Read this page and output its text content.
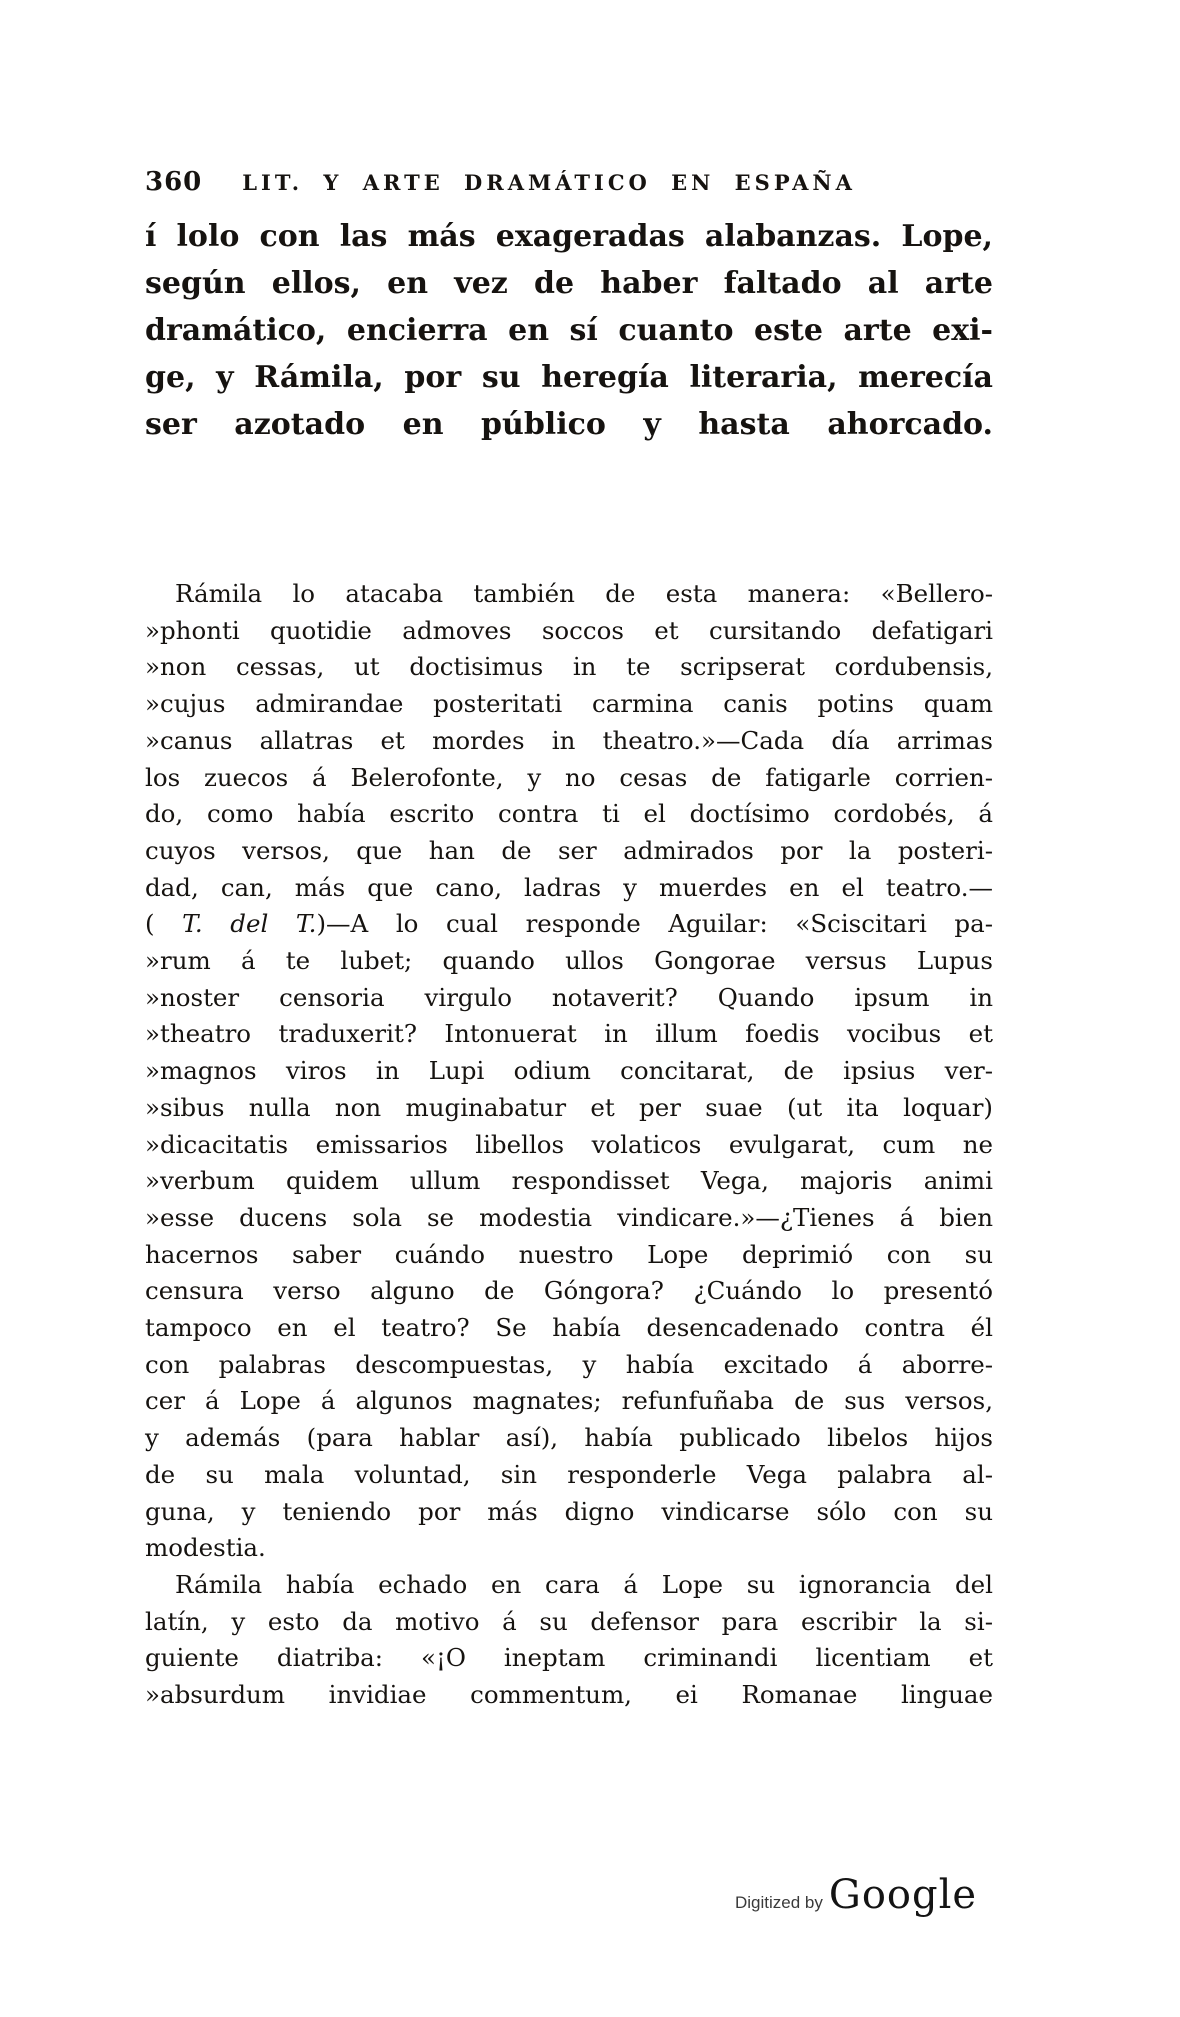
360 LIT. Y ARTE DRAMÁTICO EN ESPAÑA
í lolo con las más exageradas alabanzas. Lope,
según ellos, en vez de haber faltado al arte
dramático, encierra en sí cuanto este arte exi-
ge, y Rámila, por su heregía literaria, merecía
ser azotado en público y hasta ahorcado.
Rámila lo atacaba también de esta manera: «Bellero-
»phonti quotidie admoves soccos et cursitando defatigari
»non cessas, ut doctisimus in te scripserat cordubensis,
»cujus admirandae posteritati carmina canis potins quam
»canus allatras et mordes in theatro.»—Cada día arrimas
los zuecos á Belerofonte, y no cesas de fatigarle corrien-
do, como había escrito contra ti el doctísimo cordobés, á
cuyos versos, que han de ser admirados por la posteri-
dad, can, más que cano, ladras y muerdes en el teatro.—
( T. del T.)—A lo cual responde Aguilar: «Sciscitari pa-
»rum á te lubet; quando ullos Gongorae versus Lupus
»noster censoria virgulo notaverit? Quando ipsum in
»theatro traduxerit? Intonuerat in illum foedis vocibus et
»magnos viros in Lupi odium concitarat, de ipsius ver-
»sibus nulla non muginabatur et per suae (ut ita loquar)
»dicacitatis emissarios libellos volaticos evulgarat, cum ne
»verbum quidem ullum respondisset Vega, majoris animi
»esse ducens sola se modestia vindicare.»—¿Tienes á bien
hacernos saber cuándo nuestro Lope deprimió con su
censura verso alguno de Góngora? ¿Cuándo lo presentó
tampoco en el teatro? Se había desencadenado contra él
con palabras descompuestas, y había excitado á aborre-
cer á Lope á algunos magnates; refunfuñaba de sus versos,
y además (para hablar así), había publicado libelos hijos
de su mala voluntad, sin responderle Vega palabra al-
guna, y teniendo por más digno vindicarse sólo con su
modestia.
Rámila había echado en cara á Lope su ignorancia del
latín, y esto da motivo á su defensor para escribir la si-
guiente diatriba: «¡O ineptam criminandi licentiam et
»absurdum invidiae commentum, ei Romanae linguae
Digitized by Google
